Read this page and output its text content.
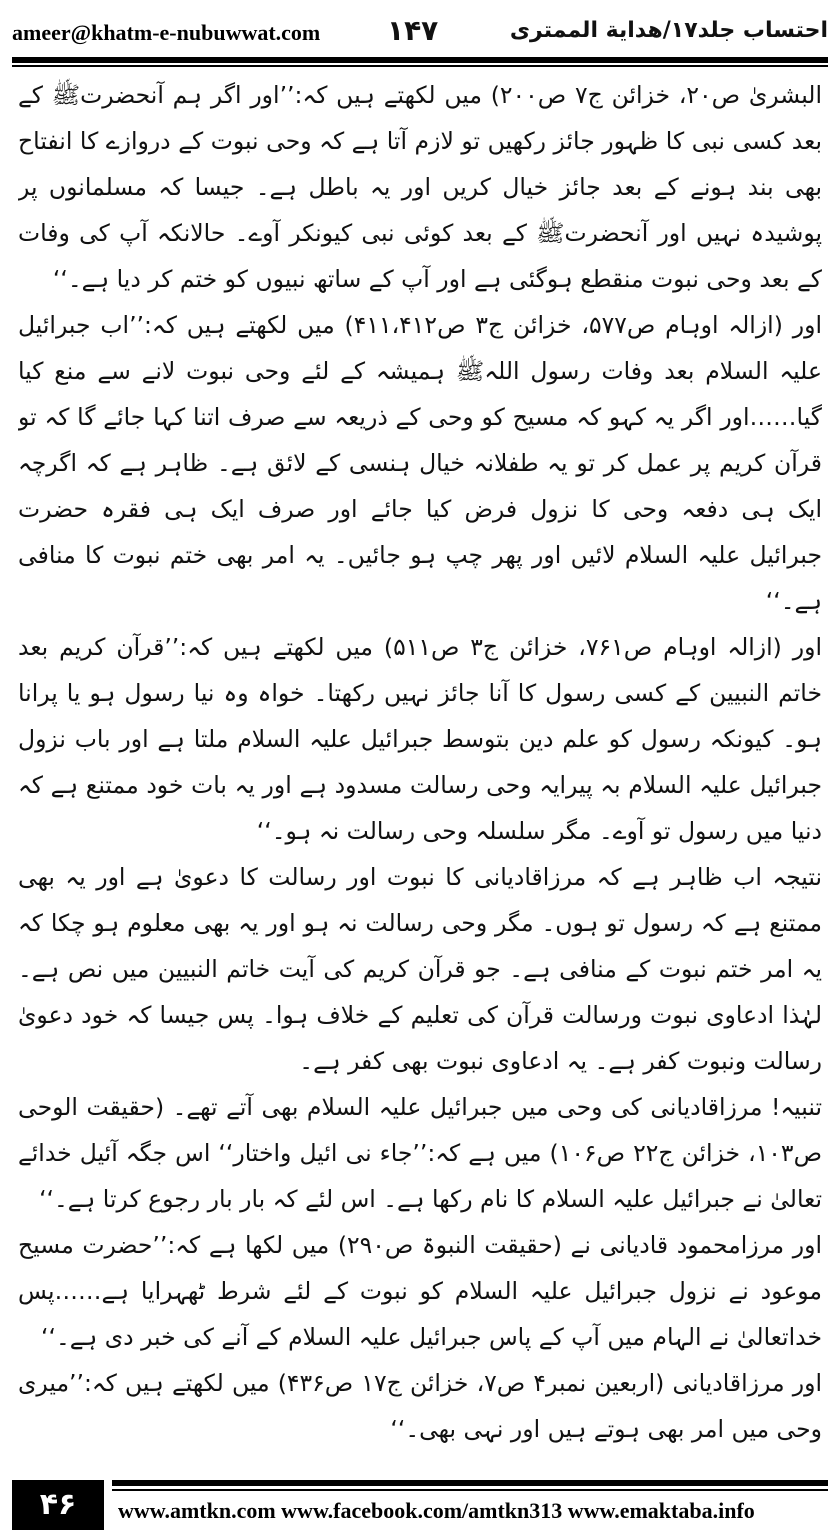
ameer@khatm-e-nubuwwat.com ۱۴۷	احتساب جلد۱۷/هداية الممترى

البشریٰ ص۲۰، خزائن ج۷ ص۲۰۰) میں لکھتے ہیں کہ:’’اور اگر ہم آنحضرتﷺ کے بعد کسی نبی کا ظہور جائز رکھیں تو لازم آتا ہے کہ وحی نبوت کے دروازے کا انفتاح بھی بند ہونے کے بعد جائز خیال کریں اور یہ باطل ہے۔ جیسا کہ مسلمانوں پر پوشیدہ نہیں اور آنحضرتﷺ کے بعد کوئی نبی کیونکر آوے۔ حالانکہ آپ کی وفات کے بعد وحی نبوت منقطع ہوگئی ہے اور آپ کے ساتھ نبیوں کو ختم کر دیا ہے۔‘‘

اور (ازالہ اوہام ص۵۷۷، خزائن ج۳ ص۴۱۱،۴۱۲) میں لکھتے ہیں کہ:’’اب جبرائیل علیہ السلام بعد وفات رسول اللہﷺ ہمیشہ کے لئے وحی نبوت لانے سے منع کیا گیا……اور اگر یہ کہو کہ مسیح کو وحی کے ذریعہ سے صرف اتنا کہا جائے گا کہ تو قرآن کریم پر عمل کر تو یہ طفلانہ خیال ہنسی کے لائق ہے۔ ظاہر ہے کہ اگرچہ ایک ہی دفعہ وحی کا نزول فرض کیا جائے اور صرف ایک ہی فقرہ حضرت جبرائیل علیہ السلام لائیں اور پھر چپ ہو جائیں۔ یہ امر بھی ختم نبوت کا منافی ہے۔‘‘

اور (ازالہ اوہام ص۷۶۱، خزائن ج۳ ص۵۱۱) میں لکھتے ہیں کہ:’’قرآن کریم بعد خاتم النبیین کے کسی رسول کا آنا جائز نہیں رکھتا۔ خواہ وہ نیا رسول ہو یا پرانا ہو۔ کیونکہ رسول کو علم دین بتوسط جبرائیل علیہ السلام ملتا ہے اور باب نزول جبرائیل علیہ السلام بہ پیرایہ وحی رسالت مسدود ہے اور یہ بات خود ممتنع ہے کہ دنیا میں رسول تو آوے۔ مگر سلسلہ وحی رسالت نہ ہو۔‘‘

نتیجہ اب ظاہر ہے کہ مرزاقادیانی کا نبوت اور رسالت کا دعویٰ ہے اور یہ بھی ممتنع ہے کہ رسول تو ہوں۔ مگر وحی رسالت نہ ہو اور یہ بھی معلوم ہو چکا کہ یہ امر ختم نبوت کے منافی ہے۔ جو قرآن کریم کی آیت خاتم النبیین میں نص ہے۔ لہٰذا ادعاوی نبوت ورسالت قرآن کی تعلیم کے خلاف ہوا۔ پس جیسا کہ خود دعویٰ رسالت ونبوت کفر ہے۔ یہ ادعاوی نبوت بھی کفر ہے۔

تنبیہ! مرزاقادیانی کی وحی میں جبرائیل علیہ السلام بھی آتے تھے۔ (حقیقت الوحی ص۱۰۳، خزائن ج۲۲ ص۱۰۶) میں ہے کہ:’’جاء نی ائیل واختار‘‘ اس جگہ آئیل خدائے تعالیٰ نے جبرائیل علیہ السلام کا نام رکھا ہے۔ اس لئے کہ بار بار رجوع کرتا ہے۔‘‘

اور مرزامحمود قادیانی نے (حقیقت النبوۃ ص۲۹۰) میں لکھا ہے کہ:’’حضرت مسیح موعود نے نزول جبرائیل علیہ السلام کو نبوت کے لئے شرط ٹھہرایا ہے……پس خداتعالیٰ نے الہام میں آپ کے پاس جبرائیل علیہ السلام کے آنے کی خبر دی ہے۔‘‘

اور مرزاقادیانی (اربعین نمبر۴ ص۷، خزائن ج۱۷ ص۴۳۶) میں لکھتے ہیں کہ:’’میری وحی میں امر بھی ہوتے ہیں اور نہی بھی۔‘‘

۴۶	www.amtkn.com www.facebook.com/amtkn313 www.emaktaba.info
